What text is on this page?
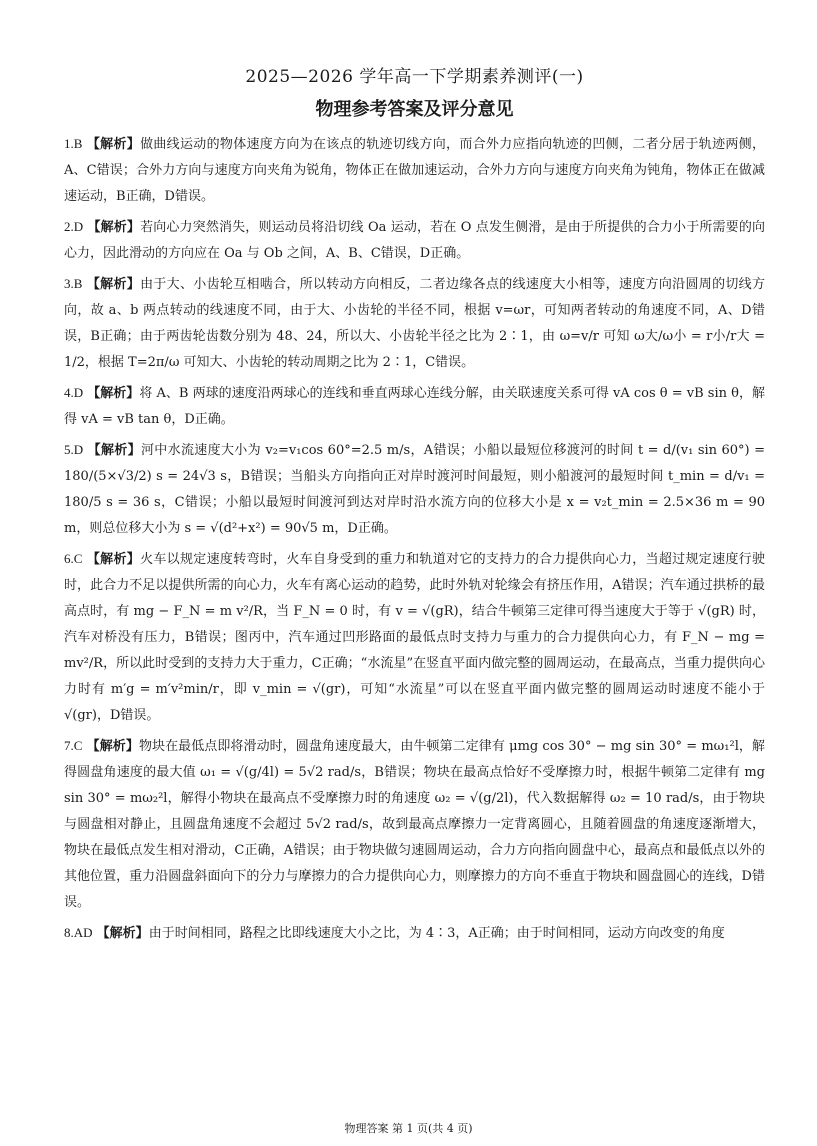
2025—2026 学年高一下学期素养测评(一)
物理参考答案及评分意见
1.B 【解析】做曲线运动的物体速度方向为在该点的轨迹切线方向，而合外力应指向轨迹的凹侧，二者分居于轨迹两侧，A、C错误；合外力方向与速度方向夹角为锐角，物体正在做加速运动，合外力方向与速度方向夹角为钝角，物体正在做减速运动，B正确，D错误。
2.D 【解析】若向心力突然消失，则运动员将沿切线 Oa 运动，若在 O 点发生侧滑，是由于所提供的合力小于所需要的向心力，因此滑动的方向应在 Oa 与 Ob 之间，A、B、C错误，D正确。
3.B 【解析】由于大、小齿轮互相啮合，所以转动方向相反，二者边缘各点的线速度大小相等，速度方向沿圆周的切线方向，故 a、b 两点转动的线速度不同，由于大、小齿轮的半径不同，根据 v=ωr，可知两者转动的角速度不同，A、D错误，B正确；由于两齿轮齿数分别为 48、24，所以大、小齿轮半径之比为 2∶1，由 ω=v/r 可知 ω大/ω小 = r小/r大 = 1/2，根据 T=2π/ω 可知大、小齿轮的转动周期之比为 2∶1，C错误。
4.D 【解析】将 A、B 两球的速度沿两球心的连线和垂直两球心连线分解，由关联速度关系可得 vA cos θ = vB sin θ，解得 vA = vB tan θ，D正确。
5.D 【解析】河中水流速度大小为 v₂=v₁cos 60°=2.5 m/s，A错误；小船以最短位移渡河的时间 t = d/(v₁ sin 60°) = 180/(5×√3/2) s = 24√3 s，B错误；当船头方向指向正对岸时渡河时间最短，则小船渡河的最短时间 t_min = d/v₁ = 180/5 s = 36 s，C错误；小船以最短时间渡河到达对岸时沿水流方向的位移大小是 x = v₂t_min = 2.5×36 m = 90 m，则总位移大小为 s = √(d²+x²) = 90√5 m，D正确。
6.C 【解析】火车以规定速度转弯时，火车自身受到的重力和轨道对它的支持力的合力提供向心力，当超过规定速度行驶时，此合力不足以提供所需的向心力，火车有离心运动的趋势，此时外轨对轮缘会有挤压作用，A错误；汽车通过拱桥的最高点时，有 mg − F_N = m v²/R，当 F_N = 0 时，有 v = √(gR)，结合牛顿第三定律可得当速度大于等于 √(gR) 时，汽车对桥没有压力，B错误；图丙中，汽车通过凹形路面的最低点时支持力与重力的合力提供向心力，有 F_N − mg = mv²/R，所以此时受到的支持力大于重力，C正确；“水流星”在竖直平面内做完整的圆周运动，在最高点，当重力提供向心力时有 m′g = m′v²min/r，即 v_min = √(gr)，可知“水流星”可以在竖直平面内做完整的圆周运动时速度不能小于 √(gr)，D错误。
7.C 【解析】物块在最低点即将滑动时，圆盘角速度最大，由牛顿第二定律有 μmg cos 30° − mg sin 30° = mω₁²l，解得圆盘角速度的最大值 ω₁ = √(g/4l) = 5√2 rad/s，B错误；物块在最高点恰好不受摩擦力时，根据牛顿第二定律有 mg sin 30° = mω₂²l，解得小物块在最高点不受摩擦力时的角速度 ω₂ = √(g/2l)，代入数据解得 ω₂ = 10 rad/s，由于物块与圆盘相对静止，且圆盘角速度不会超过 5√2 rad/s，故到最高点摩擦力一定背离圆心，且随着圆盘的角速度逐渐增大，物块在最低点发生相对滑动，C正确，A错误；由于物块做匀速圆周运动，合力方向指向圆盘中心，最高点和最低点以外的其他位置，重力沿圆盘斜面向下的分力与摩擦力的合力提供向心力，则摩擦力的方向不垂直于物块和圆盘圆心的连线，D错误。
8.AD 【解析】由于时间相同，路程之比即线速度大小之比，为 4∶3，A正确；由于时间相同，运动方向改变的角度
物理答案 第 1 页(共 4 页)
